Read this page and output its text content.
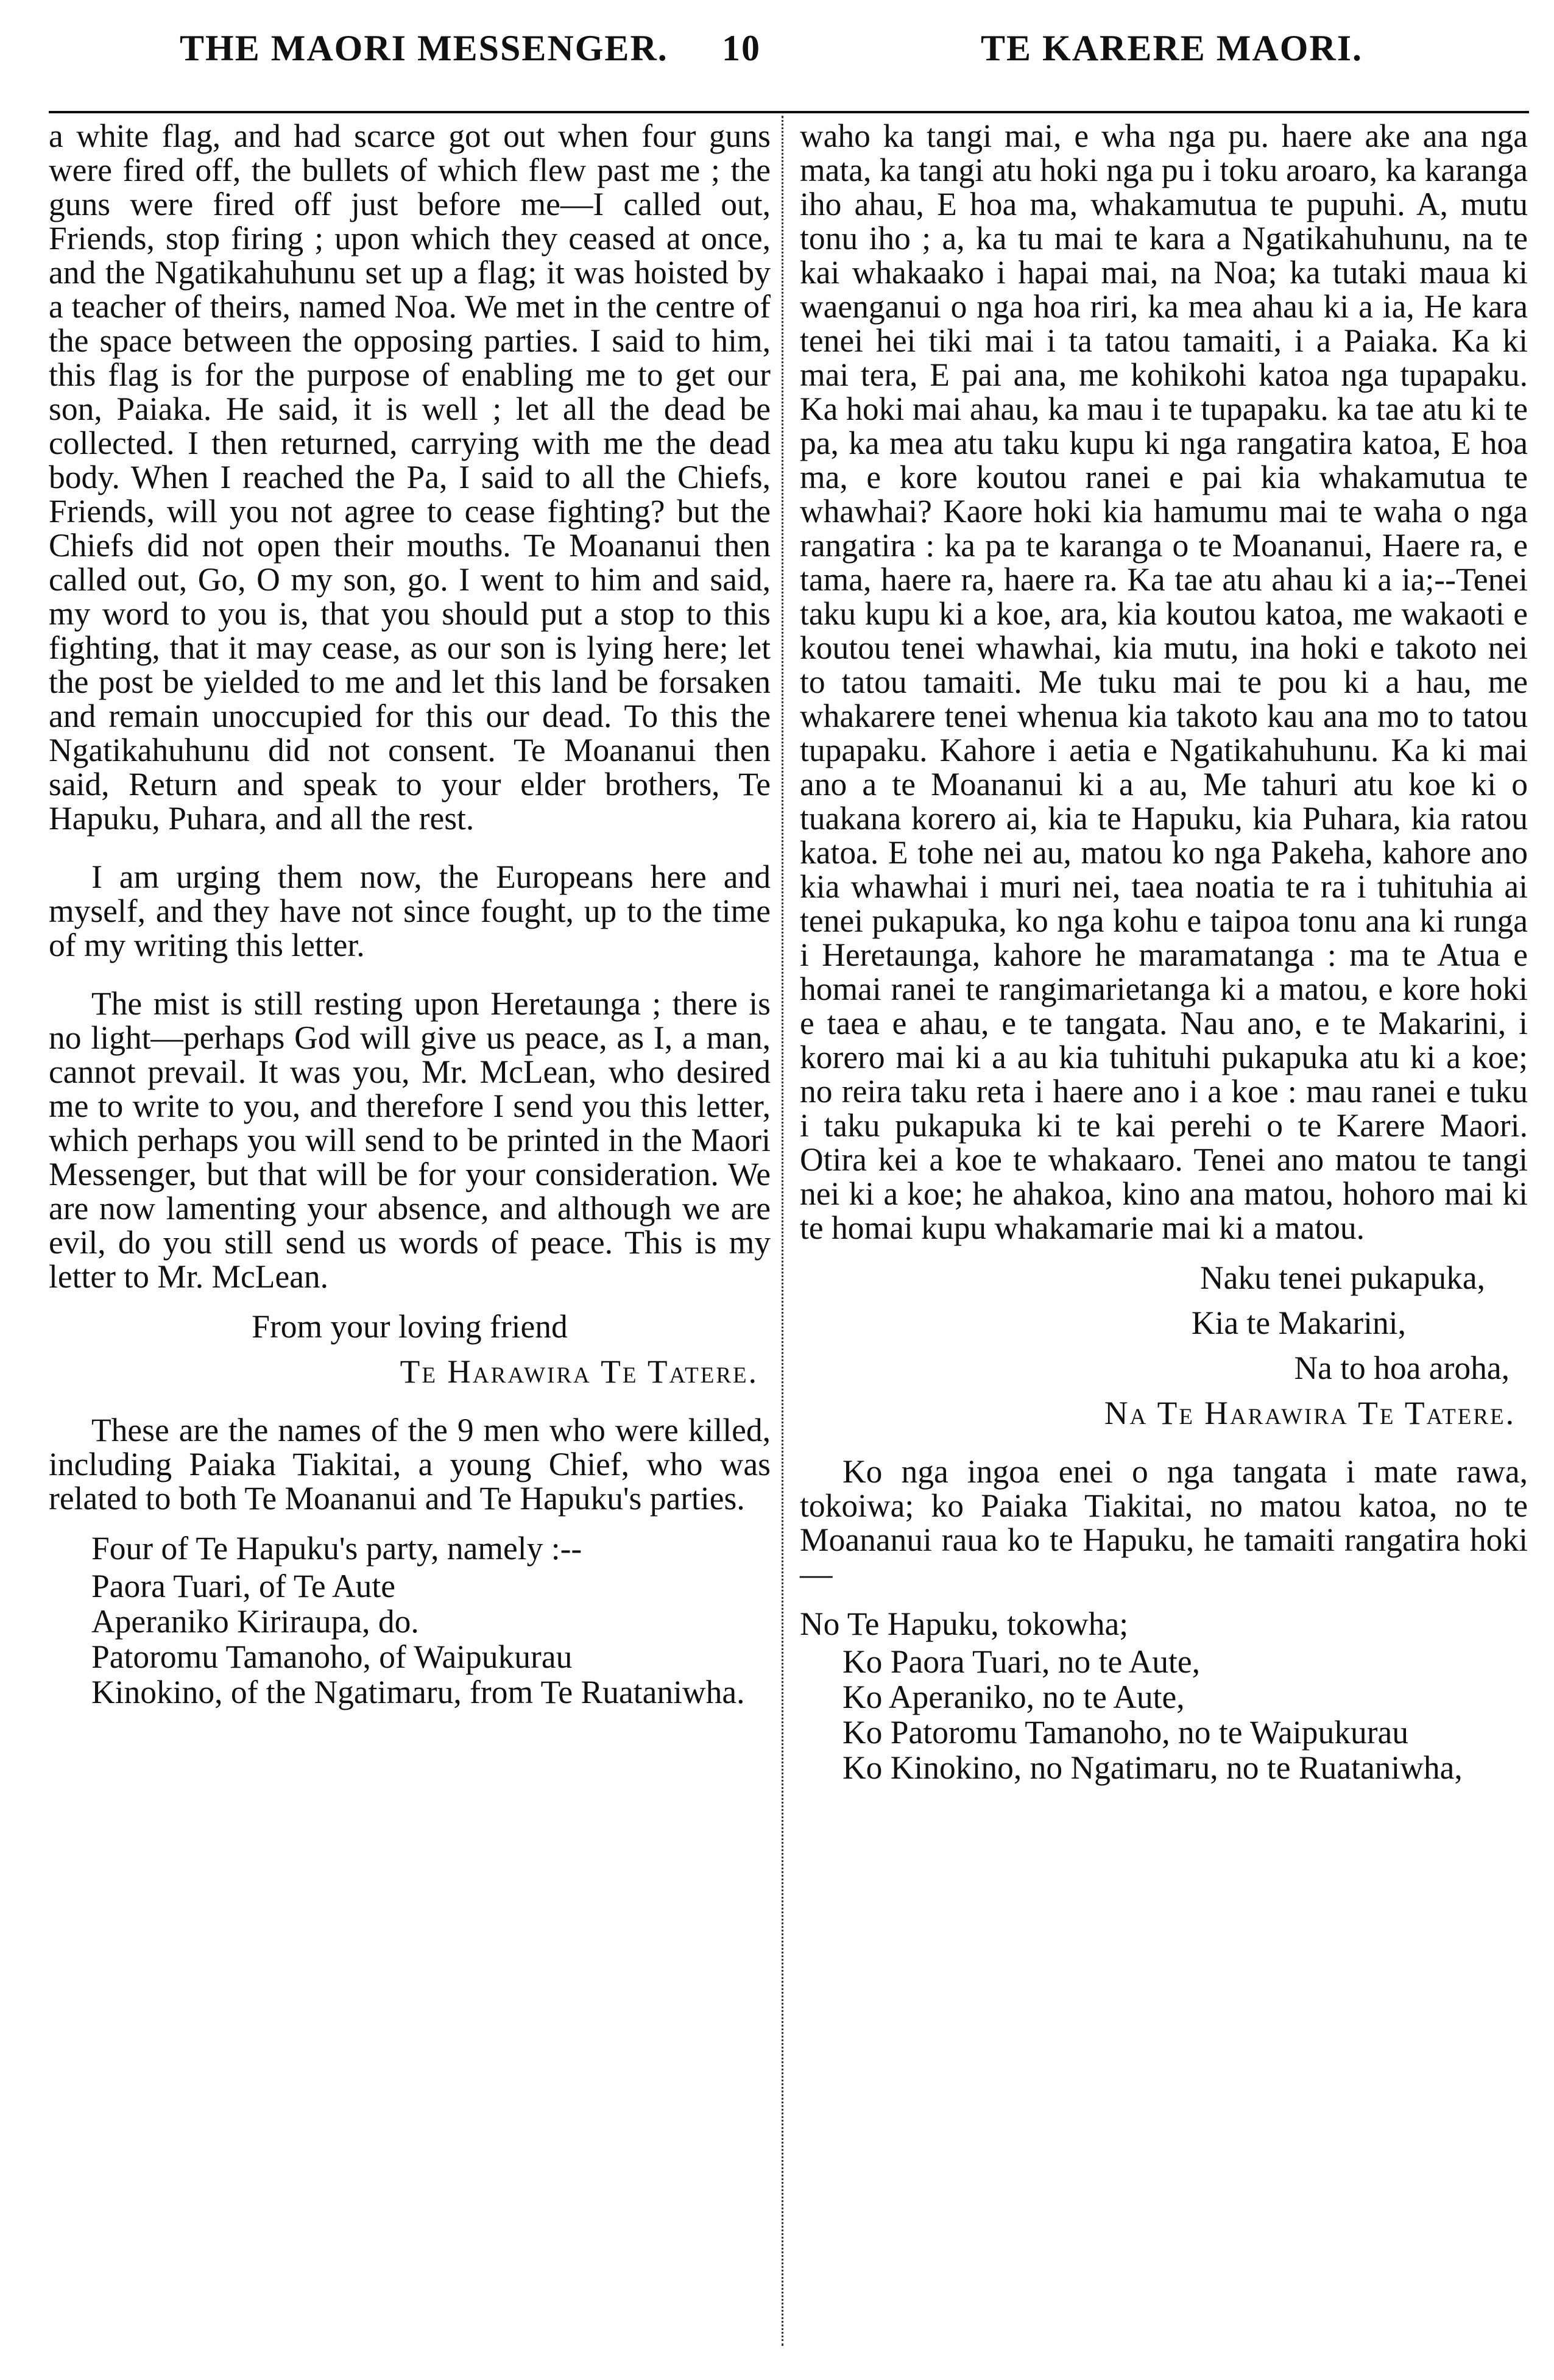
THE MAORI MESSENGER. 10	TE KARERE MAORI.

a white flag, and had scarce got out when four guns were fired off, the bullets of which flew past me ; the guns were fired off just before me—I called out, Friends, stop firing ; upon which they ceased at once, and the Ngatikahuhunu set up a flag; it was hoisted by a teacher of theirs, named Noa. We met in the centre of the space between the opposing parties. I said to him, this flag is for the purpose of enabling me to get our son, Paiaka. He said, it is well ; let all the dead be collected. I then returned, carrying with me the dead body. When I reached the Pa, I said to all the Chiefs, Friends, will you not agree to cease fighting? but the Chiefs did not open their mouths. Te Moananui then called out, Go, O my son, go. I went to him and said, my word to you is, that you should put a stop to this fighting, that it may cease, as our son is lying here; let the post be yielded to me and let this land be forsaken and remain unoccupied for this our dead. To this the Ngatikahuhunu did not consent. Te Moananui then said, Return and speak to your elder brothers, Te Hapuku, Puhara, and all the rest.

I am urging them now, the Europeans here and myself, and they have not since fought, up to the time of my writing this letter.

The mist is still resting upon Heretaunga ; there is no light—perhaps God will give us peace, as I, a man, cannot prevail. It was you, Mr. McLean, who desired me to write to you, and therefore I send you this letter, which perhaps you will send to be printed in the Maori Messenger, but that will be for your consideration. We are now lamenting your absence, and although we are evil, do you still send us words of peace. This is my letter to Mr. McLean.

From your loving friend
Te Harawira Te Tatere.

These are the names of the 9 men who were killed, including Paiaka Tiakitai, a young Chief, who was related to both Te Moananui and Te Hapuku's parties.

Four of Te Hapuku's party, namely :--
Paora Tuari, of Te Aute
Aperaniko Kiriraupa, do.
Patoromu Tamanoho, of Waipukurau
Kinokino, of the Ngatimaru, from Te Ruataniwha.

waho ka tangi mai, e wha nga pu. haere ake ana nga mata, ka tangi atu hoki nga pu i toku aroaro, ka karanga iho ahau, E hoa ma, whakamutua te pupuhi. A, mutu tonu iho ; a, ka tu mai te kara a Ngatikahuhunu, na te kai whakaako i hapai mai, na Noa; ka tutaki maua ki waenganui o nga hoa riri, ka mea ahau ki a ia, He kara tenei hei tiki mai i ta tatou tamaiti, i a Paiaka. Ka ki mai tera, E pai ana, me kohikohi katoa nga tupapaku. Ka hoki mai ahau, ka mau i te tupapaku. ka tae atu ki te pa, ka mea atu taku kupu ki nga rangatira katoa, E hoa ma, e kore koutou ranei e pai kia whakamutua te whawhai? Kaore hoki kia hamumu mai te waha o nga rangatira : ka pa te karanga o te Moananui, Haere ra, e tama, haere ra, haere ra. Ka tae atu ahau ki a ia;--Tenei taku kupu ki a koe, ara, kia koutou katoa, me wakaoti e koutou tenei whawhai, kia mutu, ina hoki e takoto nei to tatou tamaiti. Me tuku mai te pou ki a hau, me whakarere tenei whenua kia takoto kau ana mo to tatou tupapaku. Kahore i aetia e Ngatikahuhunu. Ka ki mai ano a te Moananui ki a au, Me tahuri atu koe ki o tuakana korero ai, kia te Hapuku, kia Puhara, kia ratou katoa. E tohe nei au, matou ko nga Pakeha, kahore ano kia whawhai i muri nei, taea noatia te ra i tuhituhia ai tenei pukapuka, ko nga kohu e taipoa tonu ana ki runga i Heretaunga, kahore he maramatanga : ma te Atua e homai ranei te rangimarietanga ki a matou, e kore hoki e taea e ahau, e te tangata. Nau ano, e te Makarini, i korero mai ki a au kia tuhituhi pukapuka atu ki a koe; no reira taku reta i haere ano i a koe : mau ranei e tuku i taku pukapuka ki te kai perehi o te Karere Maori. Otira kei a koe te whakaaro. Tenei ano matou te tangi nei ki a koe; he ahakoa, kino ana matou, hohoro mai ki te homai kupu whakamarie mai ki a matou.

Naku tenei pukapuka,
Kia te Makarini,
Na to hoa aroha,
Na Te Harawira Te Tatere.

Ko nga ingoa enei o nga tangata i mate rawa, tokoiwa; ko Paiaka Tiakitai, no matou katoa, no te Moananui raua ko te Hapuku, he tamaiti rangatira hoki—

No Te Hapuku, tokowha;
Ko Paora Tuari, no te Aute,
Ko Aperaniko, no te Aute,
Ko Patoromu Tamanoho, no te Waipukurau
Ko Kinokino, no Ngatimaru, no te Ruataniwha,
